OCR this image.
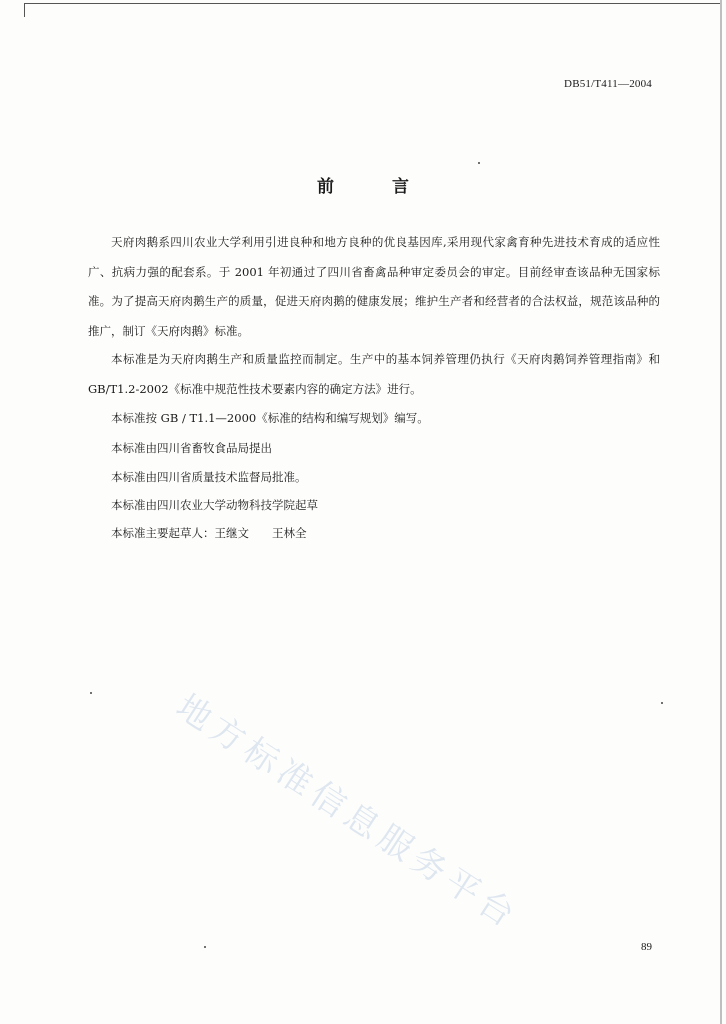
DB51/T411—2004
前 言

天府肉鹅系四川农业大学利用引进良种和地方良种的优良基因库,采用现代家禽育种先进技术育成的适应性广、抗病力强的配套系。于 2001 年初通过了四川省畜禽品种审定委员会的审定。目前经审查该品种无国家标准。为了提高天府肉鹅生产的质量，促进天府肉鹅的健康发展；维护生产者和经营者的合法权益，规范该品种的推广，制订《天府肉鹅》标准。

本标准是为天府肉鹅生产和质量监控而制定。生产中的基本饲养管理仍执行《天府肉鹅饲养管理指南》和 GB/T1.2-2002《标准中规范性技术要素内容的确定方法》进行。

本标准按 GB / T1.1—2000《标准的结构和编写规划》编写。

本标准由四川省畜牧食品局提出

本标准由四川省质量技术监督局批准。

本标准由四川农业大学动物科技学院起草

本标准主要起草人：王继文　　王林全

地方标准信息服务平台
89
